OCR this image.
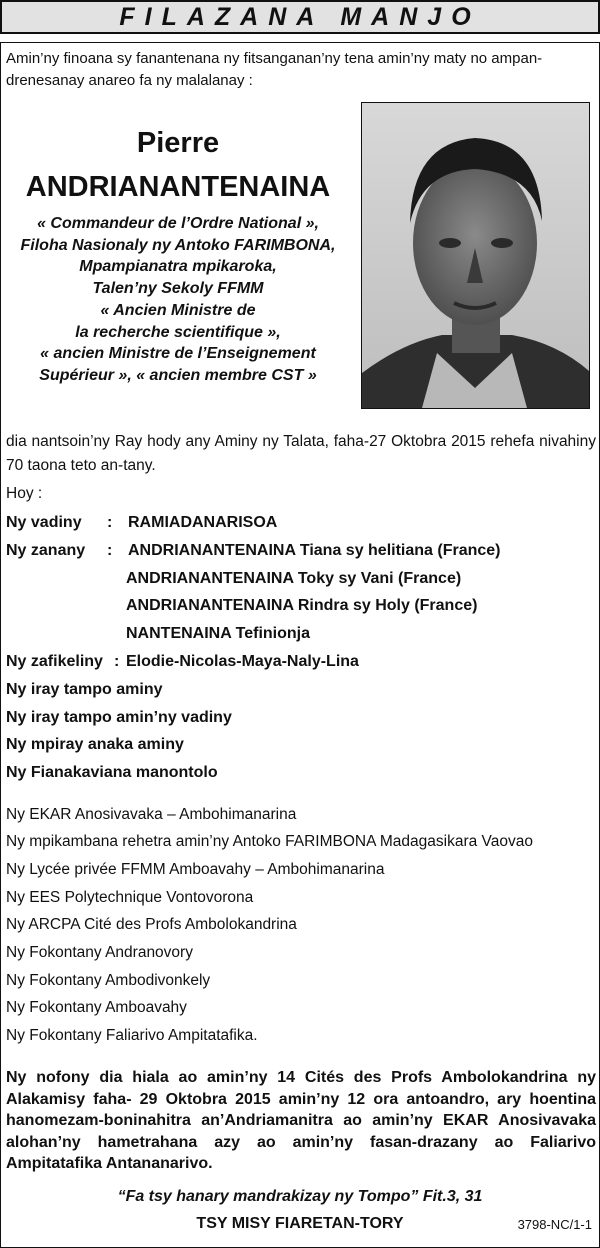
FILAZANA MANJO
Amin’ny finoana sy fanantenana ny fitsanganan’ny tena amin’ny maty no ampan-drenesanay anareo fa ny malalanay :
Pierre
ANDRIANANTENAINA
« Commandeur de l’Ordre National »,
Filoha Nasionaly ny Antoko FARIMBONA,
Mpampianatra mpikaroka,
Talen’ny Sekoly FFMM
« Ancien Ministre de
la recherche scientifique »,
« ancien Ministre de l’Enseignement
Supérieur », « ancien membre CST »
dia nantsoin’ny Ray hody any Aminy ny Talata, faha-27 Oktobra 2015 rehefa nivahiny 70 taona teto an-tany.
Hoy :
Ny vadiny : RAMIADANARISOA
Ny zanany : ANDRIANANTENAINA Tiana sy helitiana (France)
ANDRIANANTENAINA Toky sy Vani (France)
ANDRIANANTENAINA Rindra sy Holy (France)
NANTENAINA Tefinionja
Ny zafikeliny : Elodie-Nicolas-Maya-Naly-Lina
Ny iray tampo aminy
Ny iray tampo amin’ny vadiny
Ny mpiray anaka aminy
Ny Fianakaviana manontolo
Ny EKAR Anosivavaka – Ambohimanarina
Ny mpikambana rehetra amin’ny Antoko FARIMBONA Madagasikara Vaovao
Ny Lycée privée FFMM Amboavahy – Ambohimanarina
Ny EES Polytechnique Vontovorona
Ny ARCPA Cité des Profs Ambolokandrina
Ny Fokontany Andranovory
Ny Fokontany Ambodivonkely
Ny Fokontany Amboavahy
Ny Fokontany Faliarivo Ampitatafika.
Ny nofony dia hiala ao amin’ny 14 Cités des Profs Ambolokandrina ny Alakamisy faha- 29 Oktobra 2015 amin’ny 12 ora antoandro, ary hoentina hanomezam-boninahitra an’Andriamanitra ao amin’ny EKAR Anosivavaka alohan’ny hametrahana azy ao amin’ny fasan-drazany ao Faliarivo Ampitatafika Antananarivo.
“Fa tsy hanary mandrakizay ny Tompo” Fit.3, 31
TSY MISY FIARETAN-TORY	3798-NC/1-1
